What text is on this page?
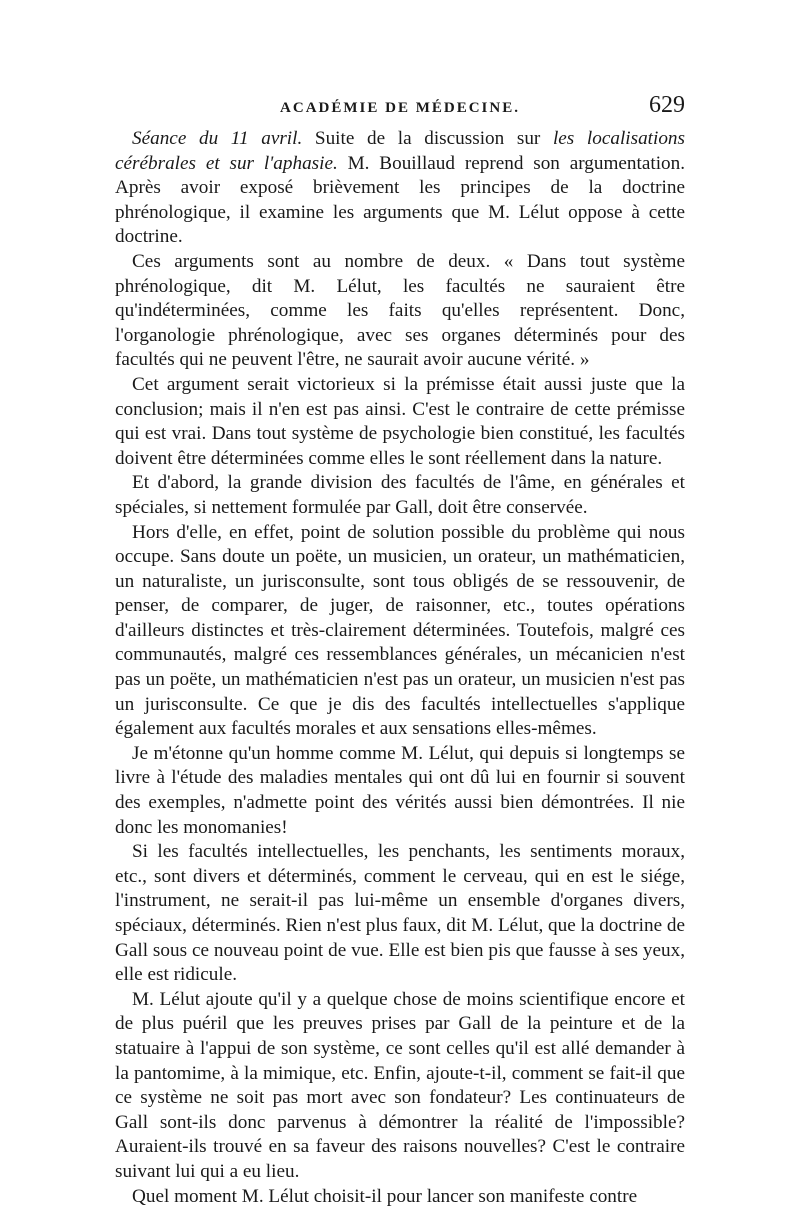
ACADÉMIE DE MÉDECINE.	629

Séance du 11 avril. Suite de la discussion sur les localisations cérébrales et sur l'aphasie. M. Bouillaud reprend son argumentation. Après avoir exposé brièvement les principes de la doctrine phrénologique, il examine les arguments que M. Lélut oppose à cette doctrine.

Ces arguments sont au nombre de deux. « Dans tout système phrénologique, dit M. Lélut, les facultés ne sauraient être qu'indéterminées, comme les faits qu'elles représentent. Donc, l'organologie phrénologique, avec ses organes déterminés pour des facultés qui ne peuvent l'être, ne saurait avoir aucune vérité. »

Cet argument serait victorieux si la prémisse était aussi juste que la conclusion; mais il n'en est pas ainsi. C'est le contraire de cette prémisse qui est vrai. Dans tout système de psychologie bien constitué, les facultés doivent être déterminées comme elles le sont réellement dans la nature.

Et d'abord, la grande division des facultés de l'âme, en générales et spéciales, si nettement formulée par Gall, doit être conservée.

Hors d'elle, en effet, point de solution possible du problème qui nous occupe. Sans doute un poëte, un musicien, un orateur, un mathématicien, un naturaliste, un jurisconsulte, sont tous obligés de se ressouvenir, de penser, de comparer, de juger, de raisonner, etc., toutes opérations d'ailleurs distinctes et très-clairement déterminées. Toutefois, malgré ces communautés, malgré ces ressemblances générales, un mécanicien n'est pas un poëte, un mathématicien n'est pas un orateur, un musicien n'est pas un jurisconsulte. Ce que je dis des facultés intellectuelles s'applique également aux facultés morales et aux sensations elles-mêmes.

Je m'étonne qu'un homme comme M. Lélut, qui depuis si longtemps se livre à l'étude des maladies mentales qui ont dû lui en fournir si souvent des exemples, n'admette point des vérités aussi bien démontrées. Il nie donc les monomanies!

Si les facultés intellectuelles, les penchants, les sentiments moraux, etc., sont divers et déterminés, comment le cerveau, qui en est le siége, l'instrument, ne serait-il pas lui-même un ensemble d'organes divers, spéciaux, déterminés. Rien n'est plus faux, dit M. Lélut, que la doctrine de Gall sous ce nouveau point de vue. Elle est bien pis que fausse à ses yeux, elle est ridicule.

M. Lélut ajoute qu'il y a quelque chose de moins scientifique encore et de plus puéril que les preuves prises par Gall de la peinture et de la statuaire à l'appui de son système, ce sont celles qu'il est allé demander à la pantomime, à la mimique, etc. Enfin, ajoute-t-il, comment se fait-il que ce système ne soit pas mort avec son fondateur? Les continuateurs de Gall sont-ils donc parvenus à démontrer la réalité de l'impossible? Auraient-ils trouvé en sa faveur des raisons nouvelles? C'est le contraire suivant lui qui a eu lieu.

Quel moment M. Lélut choisit-il pour lancer son manifeste contre
